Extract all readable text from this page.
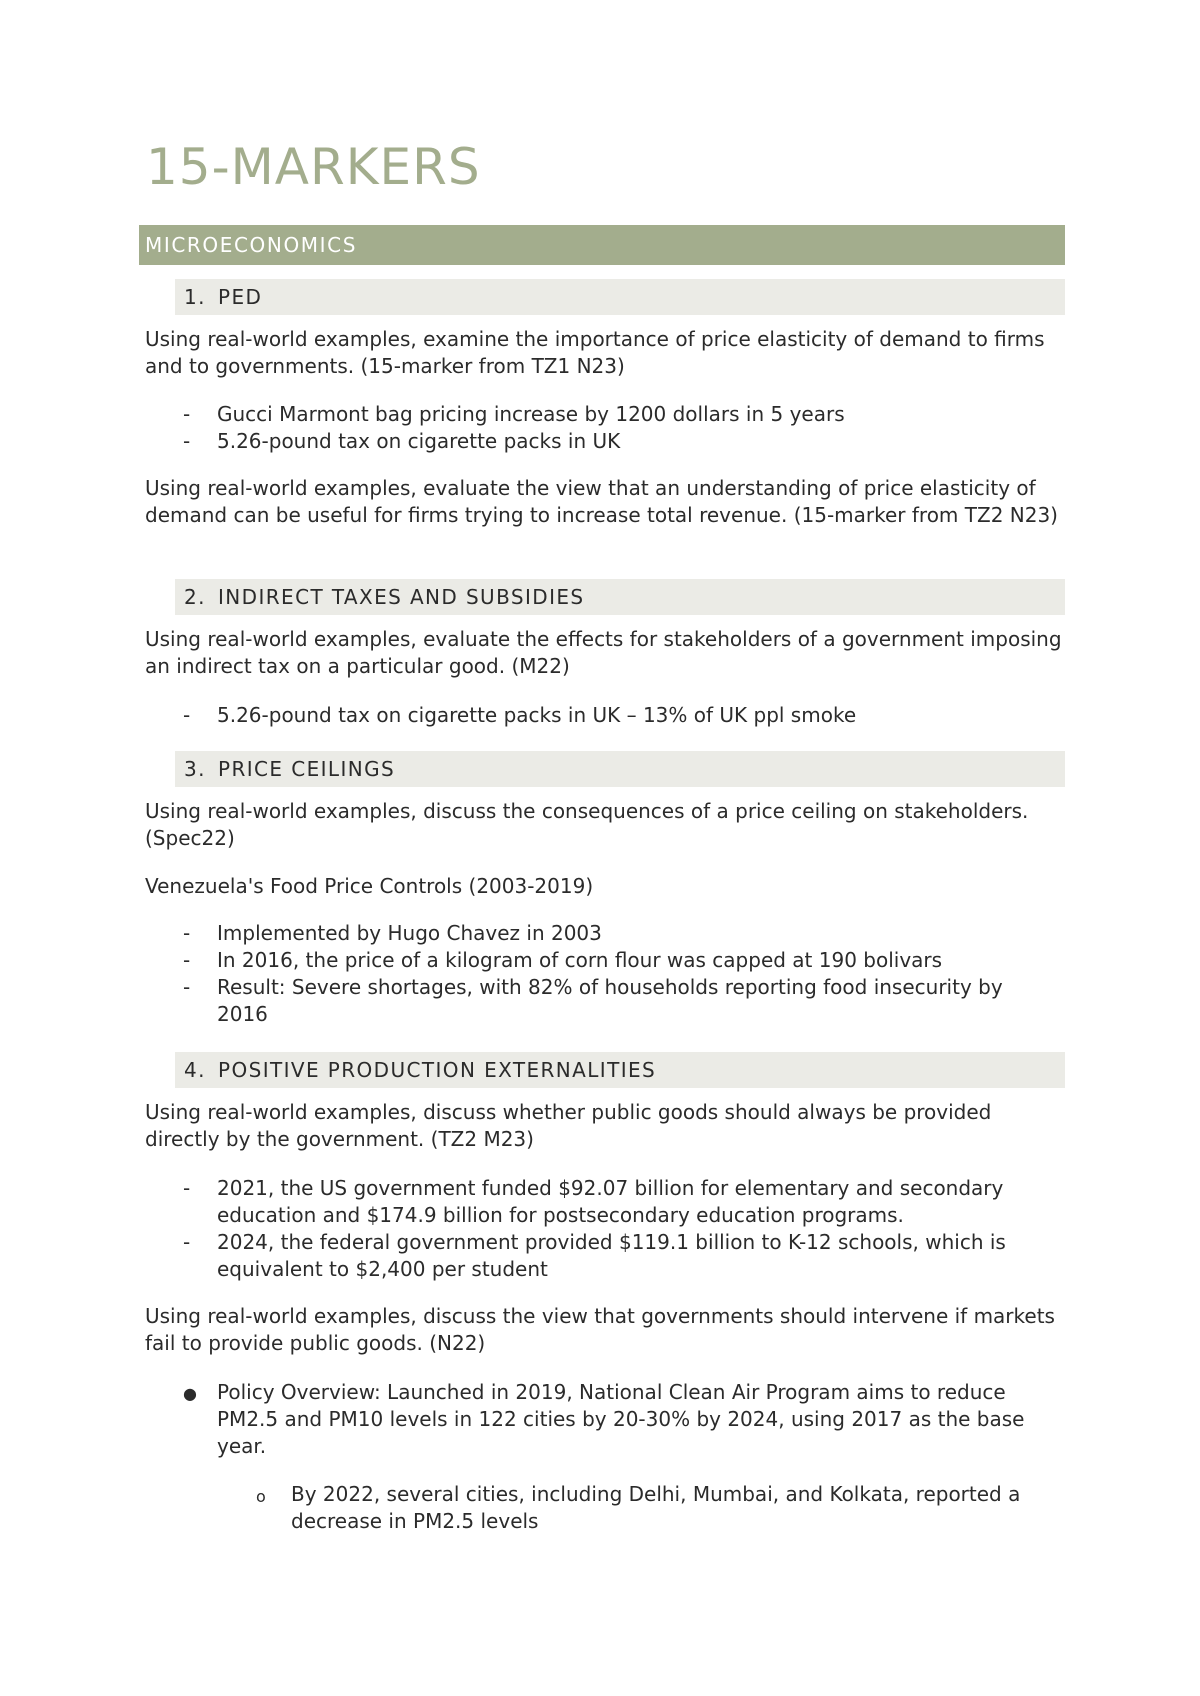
15-MARKERS
MICROECONOMICS
1. PED

Using real-world examples, examine the importance of price elasticity of demand to firms and to governments. (15-marker from TZ1 N23)

- Gucci Marmont bag pricing increase by 1200 dollars in 5 years
- 5.26-pound tax on cigarette packs in UK

Using real-world examples, evaluate the view that an understanding of price elasticity of demand can be useful for firms trying to increase total revenue. (15-marker from TZ2 N23)

2. INDIRECT TAXES AND SUBSIDIES

Using real-world examples, evaluate the effects for stakeholders of a government imposing an indirect tax on a particular good. (M22)

- 5.26-pound tax on cigarette packs in UK – 13% of UK ppl smoke
3. PRICE CEILINGS

Using real-world examples, discuss the consequences of a price ceiling on stakeholders. (Spec22)

Venezuela's Food Price Controls (2003-2019)

- Implemented by Hugo Chavez in 2003
- In 2016, the price of a kilogram of corn flour was capped at 190 bolivars
- Result: Severe shortages, with 82% of households reporting food insecurity by 2016
4. POSITIVE PRODUCTION EXTERNALITIES

Using real-world examples, discuss whether public goods should always be provided directly by the government. (TZ2 M23)

- 2021, the US government funded $92.07 billion for elementary and secondary education and $174.9 billion for postsecondary education programs.
- 2024, the federal government provided $119.1 billion to K-12 schools, which is equivalent to $2,400 per student

Using real-world examples, discuss the view that governments should intervene if markets fail to provide public goods. (N22)

● Policy Overview: Launched in 2019, National Clean Air Program aims to reduce PM2.5 and PM10 levels in 122 cities by 20-30% by 2024, using 2017 as the base year.
o By 2022, several cities, including Delhi, Mumbai, and Kolkata, reported a decrease in PM2.5 levels
